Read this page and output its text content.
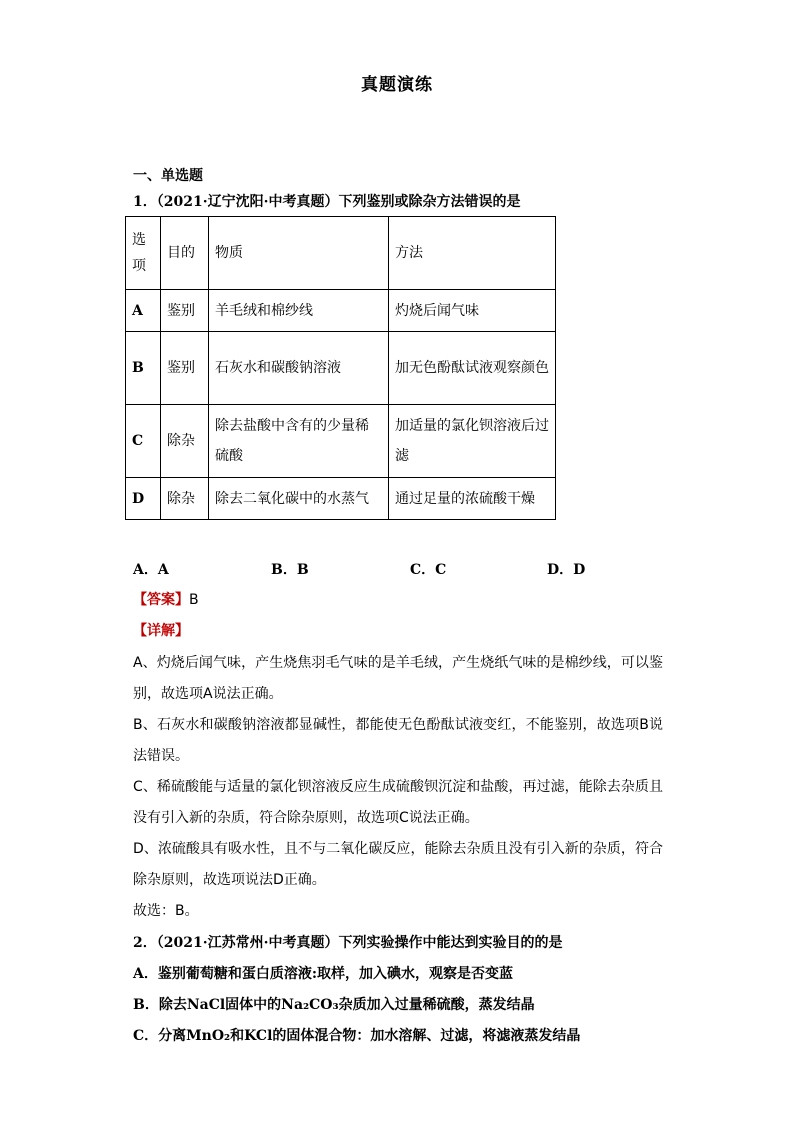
真题演练
一、单选题
1．（2021·辽宁沈阳·中考真题）下列鉴别或除杂方法错误的是
选项	目的	物质	方法
A	鉴别	羊毛绒和棉纱线	灼烧后闻气味
B	鉴别	石灰水和碳酸钠溶液	加无色酚酞试液观察颜色
C	除杂	除去盐酸中含有的少量稀硫酸	加适量的氯化钡溶液后过滤
D	除杂	除去二氧化碳中的水蒸气	通过足量的浓硫酸干燥
A．A	B．B	C．C	D．D
【答案】B
【详解】
A、灼烧后闻气味，产生烧焦羽毛气味的是羊毛绒，产生烧纸气味的是棉纱线，可以鉴别，故选项A说法正确。
B、石灰水和碳酸钠溶液都显碱性，都能使无色酚酞试液变红，不能鉴别，故选项B说法错误。
C、稀硫酸能与适量的氯化钡溶液反应生成硫酸钡沉淀和盐酸，再过滤，能除去杂质且没有引入新的杂质，符合除杂原则，故选项C说法正确。
D、浓硫酸具有吸水性，且不与二氧化碳反应，能除去杂质且没有引入新的杂质，符合除杂原则，故选项说法D正确。
故选：B。
2．（2021·江苏常州·中考真题）下列实验操作中能达到实验目的的是
A．鉴别葡萄糖和蛋白质溶液:取样，加入碘水，观察是否变蓝
B．除去NaCl固体中的Na₂CO₃杂质加入过量稀硫酸，蒸发结晶
C．分离MnO₂和KCl的固体混合物：加水溶解、过滤，将滤液蒸发结晶
